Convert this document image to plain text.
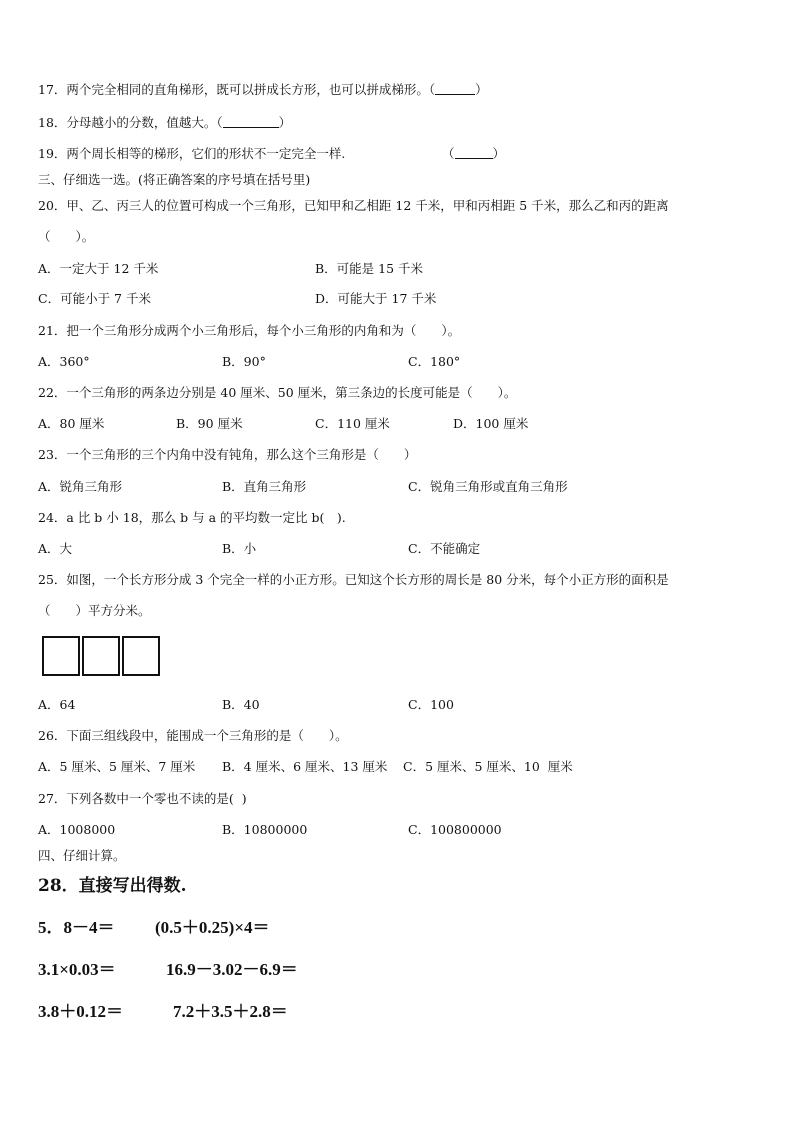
17．两个完全相同的直角梯形，既可以拼成长方形，也可以拼成梯形。（	）
18．分母越小的分数，值越大。（	）
19．两个周长相等的梯形，它们的形状不一定完全一样.	（	）
三、仔细选一选。(将正确答案的序号填在括号里)
20．甲、乙、丙三人的位置可构成一个三角形，已知甲和乙相距 12 千米，甲和丙相距 5 千米，那么乙和丙的距离
（　　）。
A．一定大于 12 千米	B．可能是 15 千米
C．可能小于 7 千米	D．可能大于 17 千米
21．把一个三角形分成两个小三角形后，每个小三角形的内角和为（　　）。
A．360°	B．90°	C．180°
22．一个三角形的两条边分别是 40 厘米、50 厘米，第三条边的长度可能是（　　）。
A．80 厘米	B．90 厘米	C．110 厘米	D．100 厘米
23．一个三角形的三个内角中没有钝角，那么这个三角形是（　　）
A．锐角三角形	B．直角三角形	C．锐角三角形或直角三角形
24．a 比 b 小 18，那么 b 与 a 的平均数一定比 b(　).
A．大	B．小	C．不能确定
25．如图，一个长方形分成 3 个完全一样的小正方形。已知这个长方形的周长是 80 分米，每个小正方形的面积是
（　　）平方分米。
A．64	B．40	C．100
26．下面三组线段中，能围成一个三角形的是（　　）。
A．5 厘米、5 厘米、7 厘米 B．4 厘米、6 厘米、13 厘米 C．5 厘米、5 厘米、10  厘米
27．下列各数中一个零也不读的是(  )
A．1008000	B．10800000	C．100800000
四、仔细计算。
28．直接写出得数.
5．8－4＝ (0.5＋0.25)×4＝
3.1×0.03＝	16.9－3.02－6.9＝
3.8＋0.12＝	7.2＋3.5＋2.8＝
